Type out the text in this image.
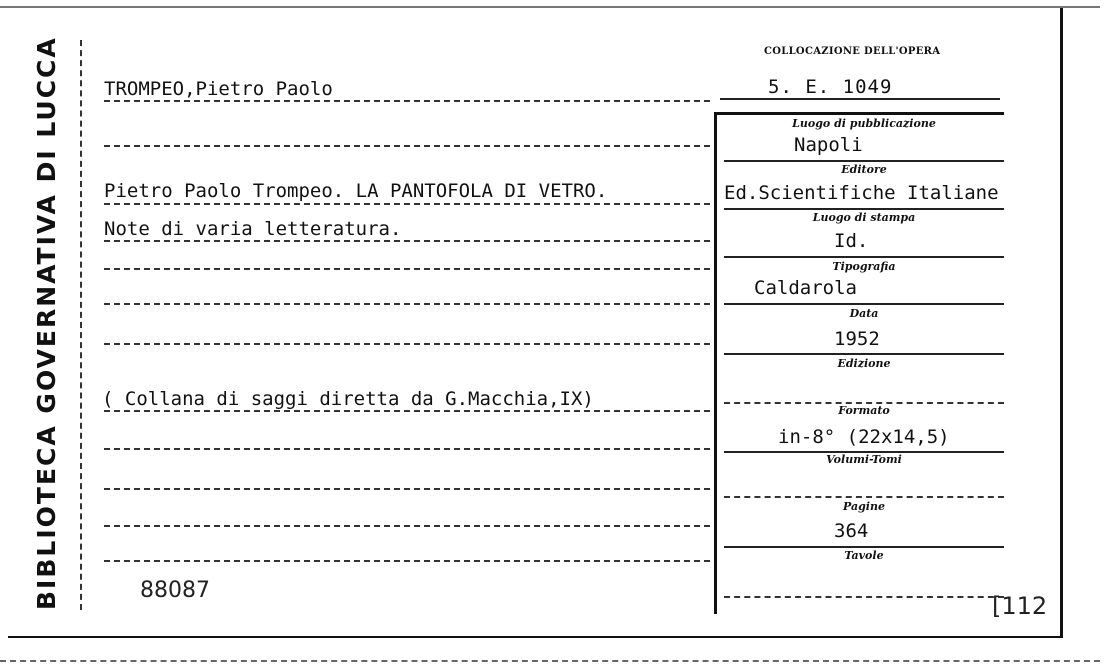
BIBLIOTECA GOVERNATIVA DI LUCCA	COLLOCAZIONE DELL'OPERA
5. E. 1049
TROMPEO,Pietro Paolo
Pietro Paolo Trompeo. LA PANTOFOLA DI VETRO.
Note di varia letteratura.
( Collana di saggi diretta da G.Macchia,IX)
88087
Luogo di pubblicazione
Napoli
Editore
Ed.Scientifiche Italiane
Luogo di stampa
Id.
Tipografia
Caldarola
Data
1952
Edizione
Formato
in-8° (22x14,5)
Volumi-Tomi
Pagine
364
Tavole
[112
